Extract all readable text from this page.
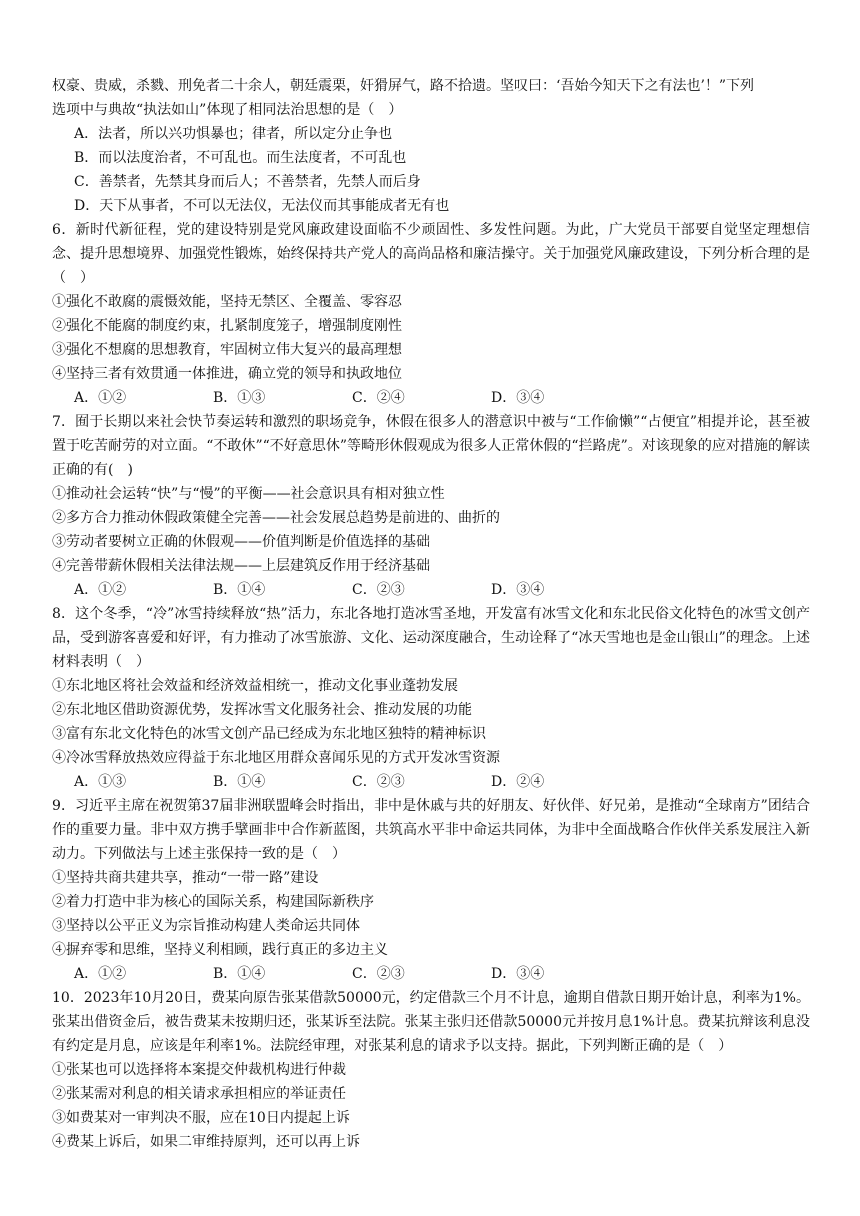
权豪、贵威，杀戮、刑免者二十余人，朝廷震栗，奸猾屏气，路不拾遗。坚叹曰：‘吾始今知天下之有法也’！”下列

选项中与典故“执法如山”体现了相同法治思想的是（　）

A．法者，所以兴功惧暴也；律者，所以定分止争也

B．而以法度治者，不可乱也。而生法度者，不可乱也

C．善禁者，先禁其身而后人；不善禁者，先禁人而后身

D．天下从事者，不可以无法仪，无法仪而其事能成者无有也

6．新时代新征程，党的建设特别是党风廉政建设面临不少顽固性、多发性问题。为此，广大党员干部要自觉坚定理想信念、提升思想境界、加强党性锻炼，始终保持共产党人的高尚品格和廉洁操守。关于加强党风廉政建设，下列分析合理的是（　）

①强化不敢腐的震慑效能，坚持无禁区、全覆盖、零容忍

②强化不能腐的制度约束，扎紧制度笼子，增强制度刚性

③强化不想腐的思想教育，牢固树立伟大复兴的最高理想

④坚持三者有效贯通一体推进，确立党的领导和执政地位

A．①②	B．①③	C．②④	D．③④

7．囿于长期以来社会快节奏运转和激烈的职场竞争，休假在很多人的潜意识中被与“工作偷懒”“占便宜”相提并论，甚至被置于吃苦耐劳的对立面。“不敢休”“不好意思休”等畸形休假观成为很多人正常休假的“拦路虎”。对该现象的应对措施的解读正确的有(　)

①推动社会运转“快”与“慢”的平衡——社会意识具有相对独立性

②多方合力推动休假政策健全完善——社会发展总趋势是前进的、曲折的

③劳动者要树立正确的休假观——价值判断是价值选择的基础

④完善带薪休假相关法律法规——上层建筑反作用于经济基础

A．①②	B．①④	C．②③	D．③④

8．这个冬季，“冷”冰雪持续释放“热”活力，东北各地打造冰雪圣地，开发富有冰雪文化和东北民俗文化特色的冰雪文创产品，受到游客喜爱和好评，有力推动了冰雪旅游、文化、运动深度融合，生动诠释了“冰天雪地也是金山银山”的理念。上述材料表明（　）

①东北地区将社会效益和经济效益相统一，推动文化事业蓬勃发展

②东北地区借助资源优势，发挥冰雪文化服务社会、推动发展的功能

③富有东北文化特色的冰雪文创产品已经成为东北地区独特的精神标识

④冷冰雪释放热效应得益于东北地区用群众喜闻乐见的方式开发冰雪资源

A．①③	B．①④	C．②③	D．②④

9．习近平主席在祝贺第37届非洲联盟峰会时指出，非中是休戚与共的好朋友、好伙伴、好兄弟，是推动“全球南方”团结合作的重要力量。非中双方携手擘画非中合作新蓝图，共筑高水平非中命运共同体，为非中全面战略合作伙伴关系发展注入新动力。下列做法与上述主张保持一致的是（　）

①坚持共商共建共享，推动“一带一路”建设

②着力打造中非为核心的国际关系，构建国际新秩序

③坚持以公平正义为宗旨推动构建人类命运共同体

④摒弃零和思维，坚持义利相顾，践行真正的多边主义

A．①②	B．①④	C．②③	D．③④

10．2023年10月20日，费某向原告张某借款50000元，约定借款三个月不计息，逾期自借款日期开始计息，利率为1%。张某出借资金后，被告费某未按期归还，张某诉至法院。张某主张归还借款50000元并按月息1%计息。费某抗辩该利息没有约定是月息，应该是年利率1%。法院经审理，对张某利息的请求予以支持。据此，下列判断正确的是（　）

①张某也可以选择将本案提交仲裁机构进行仲裁

②张某需对利息的相关请求承担相应的举证责任

③如费某对一审判决不服，应在10日内提起上诉

④费某上诉后，如果二审维持原判，还可以再上诉
